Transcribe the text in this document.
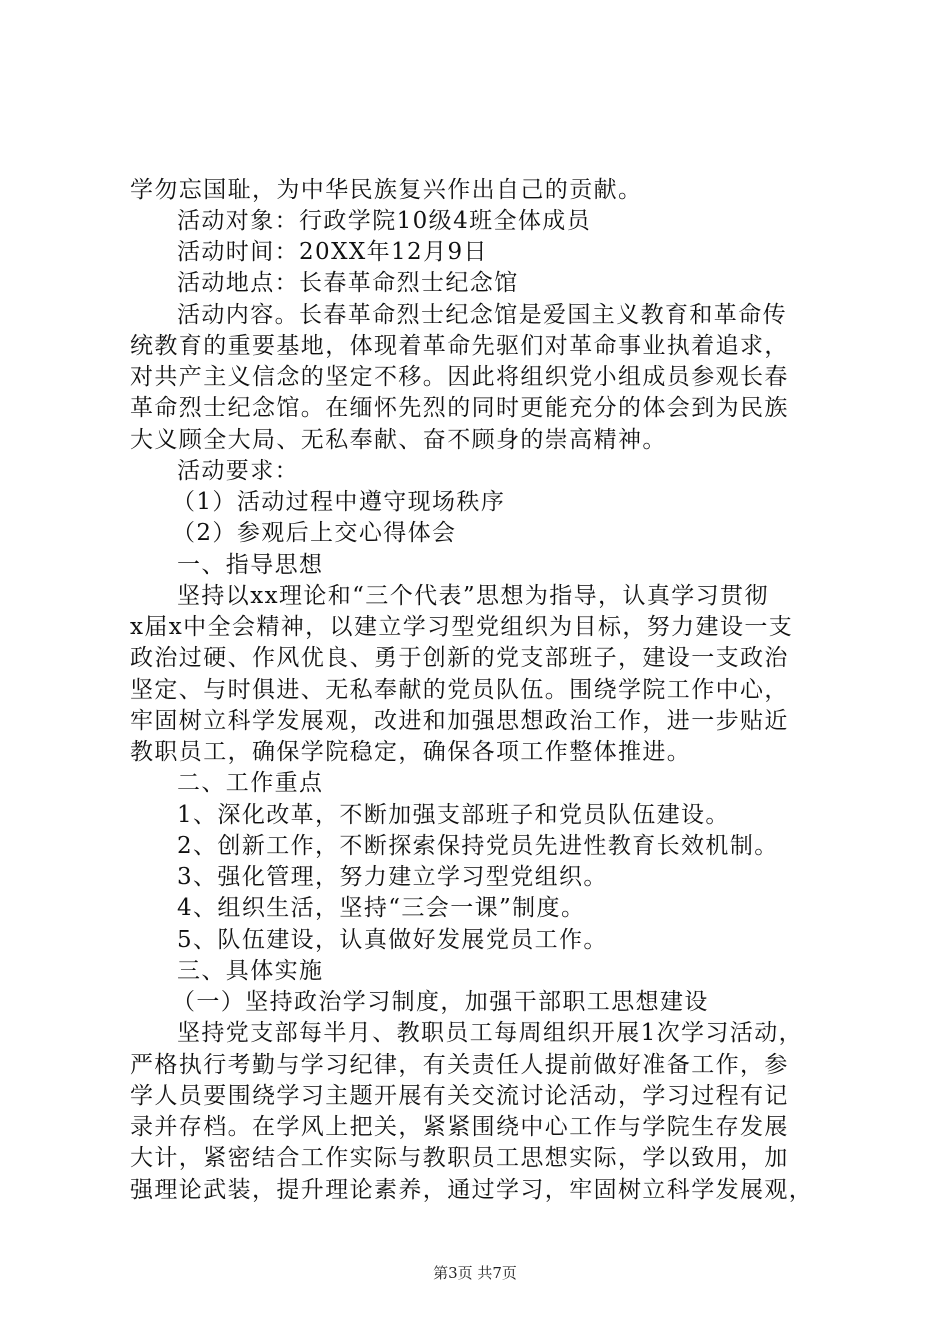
学勿忘国耻，为中华民族复兴作出自己的贡献。

活动对象：行政学院10级4班全体成员

活动时间：20XX年12月9日

活动地点：长春革命烈士纪念馆

活动内容。长春革命烈士纪念馆是爱国主义教育和革命传

统教育的重要基地，体现着革命先驱们对革命事业执着追求，

对共产主义信念的坚定不移。因此将组织党小组成员参观长春

革命烈士纪念馆。在缅怀先烈的同时更能充分的体会到为民族

大义顾全大局、无私奉献、奋不顾身的崇高精神。

活动要求：

（1）活动过程中遵守现场秩序

（2）参观后上交心得体会

一、指导思想

坚持以xx理论和“三个代表”思想为指导，认真学习贯彻

x届x中全会精神，以建立学习型党组织为目标，努力建设一支

政治过硬、作风优良、勇于创新的党支部班子，建设一支政治

坚定、与时俱进、无私奉献的党员队伍。围绕学院工作中心，

牢固树立科学发展观，改进和加强思想政治工作，进一步贴近

教职员工，确保学院稳定，确保各项工作整体推进。

二、工作重点

1、深化改革，不断加强支部班子和党员队伍建设。

2、创新工作，不断探索保持党员先进性教育长效机制。

3、强化管理，努力建立学习型党组织。

4、组织生活，坚持“三会一课”制度。

5、队伍建设，认真做好发展党员工作。

三、具体实施

（一）坚持政治学习制度，加强干部职工思想建设

坚持党支部每半月、教职员工每周组织开展1次学习活动，

严格执行考勤与学习纪律，有关责任人提前做好准备工作，参

学人员要围绕学习主题开展有关交流讨论活动，学习过程有记

录并存档。在学风上把关，紧紧围绕中心工作与学院生存发展

大计，紧密结合工作实际与教职员工思想实际，学以致用，加

强理论武装，提升理论素养，通过学习，牢固树立科学发展观，

第3页 共7页
